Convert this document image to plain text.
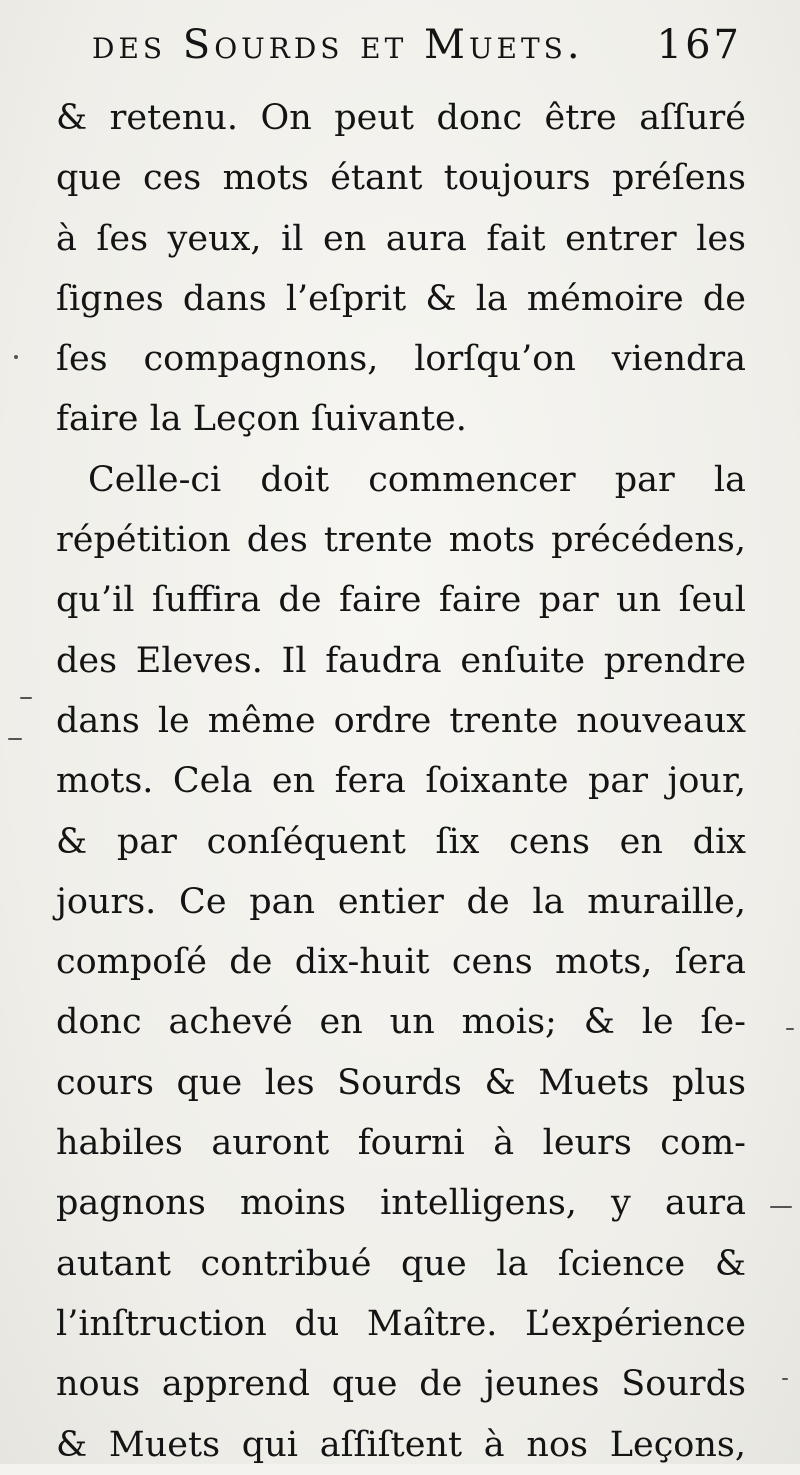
des Sourds et Muets. 167
& retenu. On peut donc être aſſuré
que ces mots étant toujours préſens
à ſes yeux, il en aura fait entrer les
ſignes dans l’eſprit & la mémoire de
ſes compagnons, lorſqu’on viendra
faire la Leçon ſuivante.
Celle-ci doit commencer par la
répétition des trente mots précédens,
qu’il ſuffira de faire faire par un ſeul
des Eleves. Il faudra enſuite prendre
dans le même ordre trente nouveaux
mots. Cela en fera ſoixante par jour,
& par conſéquent ſix cens en dix
jours. Ce pan entier de la muraille,
compoſé de dix-huit cens mots, ſera
donc achevé en un mois; & le ſe-
cours que les Sourds & Muets plus
habiles auront fourni à leurs com-
pagnons moins intelligens, y aura
autant contribué que la ſcience &
l’inſtruction du Maître. L’expérience
nous apprend que de jeunes Sourds
& Muets qui aſſiſtent à nos Leçons,
